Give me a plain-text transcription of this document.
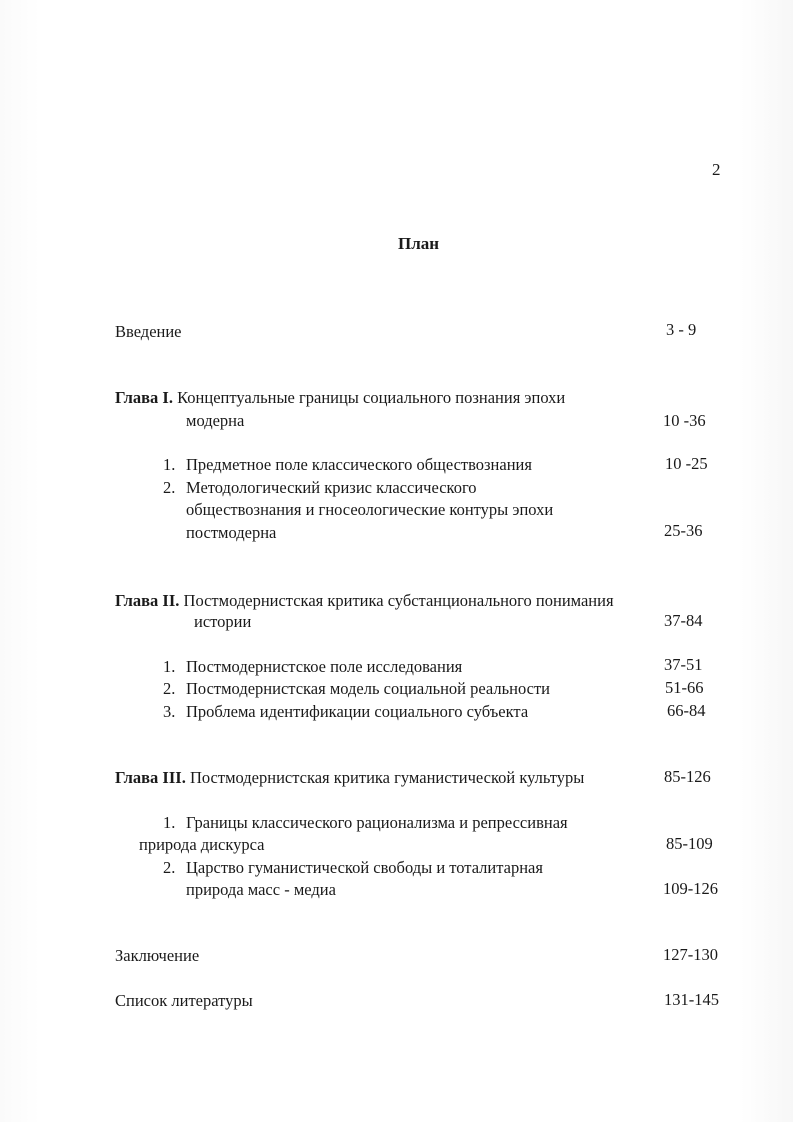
2
План
Введение	3 - 9
Глава I. Концептуальные границы социального познания эпохи
модерна	10 -36
1. Предметное поле классического обществознания	10 -25
2. Методологический кризис классического
обществознания и гносеологические контуры эпохи
постмодерна	25-36
Глава II. Постмодернистская критика субстанционального понимания
истории	37-84
1. Постмодернистское поле исследования	37-51
2. Постмодернистская модель социальной реальности	51-66
3. Проблема идентификации социального субъекта	66-84
Глава III. Постмодернистская критика гуманистической культуры	85-126
1. Границы классического рационализма и репрессивная
природа дискурса	85-109
2. Царство гуманистической свободы и тоталитарная
природа масс - медиа	109-126
Заключение	127-130
Список литературы	131-145
